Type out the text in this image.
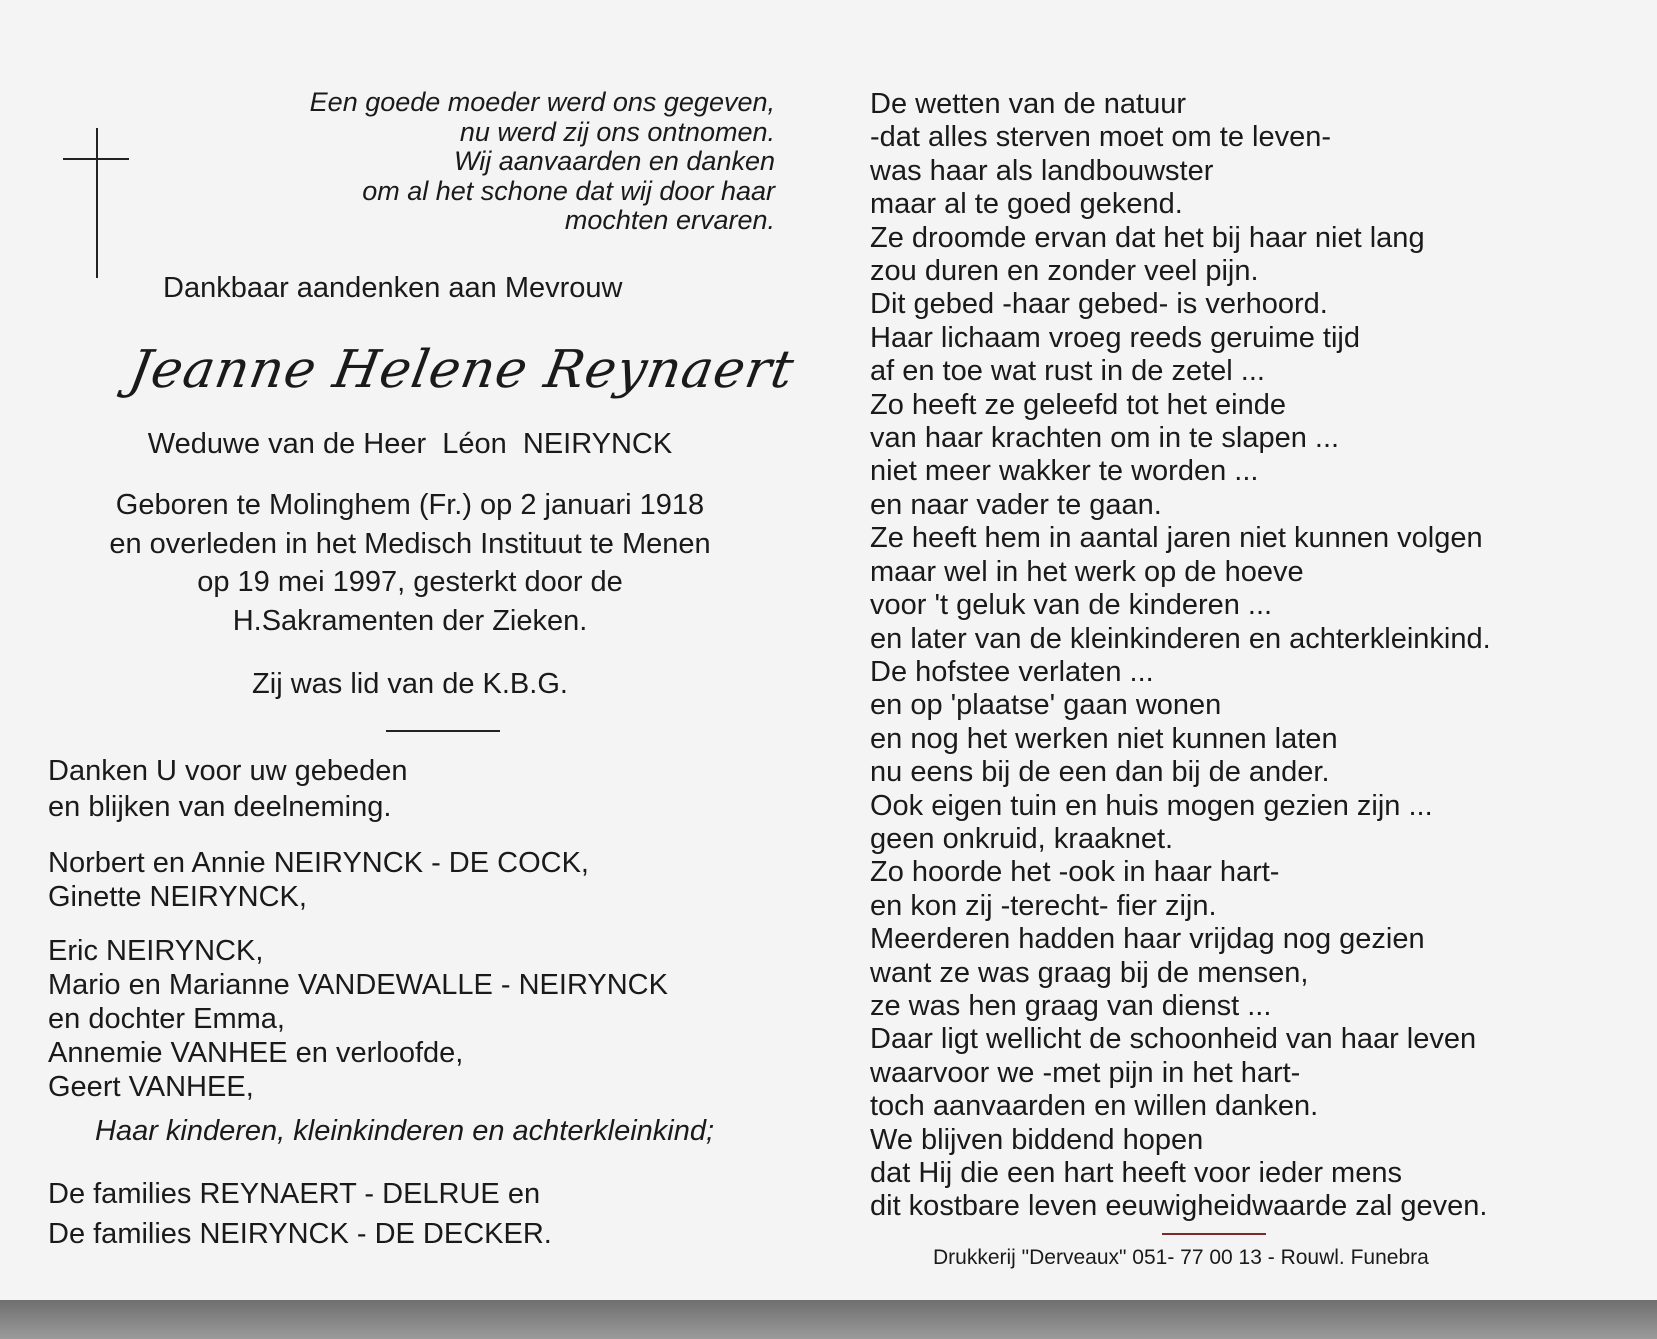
Een goede moeder werd ons gegeven,
nu werd zij ons ontnomen.
Wij aanvaarden en danken
om al het schone dat wij door haar
mochten ervaren.
Dankbaar aandenken aan Mevrouw
Jeanne Helene Reynaert
Weduwe van de Heer  Léon  NEIRYNCK
Geboren te Molinghem (Fr.) op 2 januari 1918
en overleden in het Medisch Instituut te Menen
op 19 mei 1997, gesterkt door de
H.Sakramenten der Zieken.
Zij was lid van de K.B.G.
Danken U voor uw gebeden
en blijken van deelneming.
Norbert en Annie NEIRYNCK - DE COCK,
Ginette NEIRYNCK,
Eric NEIRYNCK,
Mario en Marianne VANDEWALLE - NEIRYNCK
en dochter Emma,
Annemie VANHEE en verloofde,
Geert VANHEE,
Haar kinderen, kleinkinderen en achterkleinkind;
De families REYNAERT - DELRUE en
De families NEIRYNCK - DE DECKER.
De wetten van de natuur
-dat alles sterven moet om te leven-
was haar als landbouwster
maar al te goed gekend.
Ze droomde ervan dat het bij haar niet lang
zou duren en zonder veel pijn.
Dit gebed -haar gebed- is verhoord.
Haar lichaam vroeg reeds geruime tijd
af en toe wat rust in de zetel ...
Zo heeft ze geleefd tot het einde
van haar krachten om in te slapen ...
niet meer wakker te worden ...
en naar vader te gaan.
Ze heeft hem in aantal jaren niet kunnen volgen
maar wel in het werk op de hoeve
voor 't geluk van de kinderen ...
en later van de kleinkinderen en achterkleinkind.
De hofstee verlaten ...
en op 'plaatse' gaan wonen
en nog het werken niet kunnen laten
nu eens bij de een dan bij de ander.
Ook eigen tuin en huis mogen gezien zijn ...
geen onkruid, kraaknet.
Zo hoorde het -ook in haar hart-
en kon zij -terecht- fier zijn.
Meerderen hadden haar vrijdag nog gezien
want ze was graag bij de mensen,
ze was hen graag van dienst ...
Daar ligt wellicht de schoonheid van haar leven
waarvoor we -met pijn in het hart-
toch aanvaarden en willen danken.
We blijven biddend hopen
dat Hij die een hart heeft voor ieder mens
dit kostbare leven eeuwigheidwaarde zal geven.
Drukkerij "Derveaux" 051- 77 00 13 - Rouwl. Funebra
